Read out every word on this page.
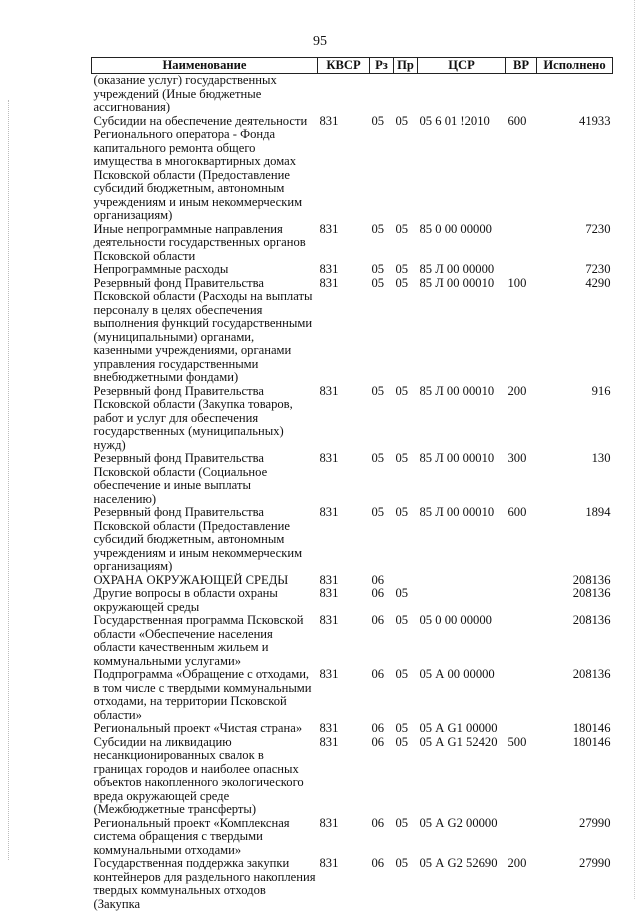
95
Наименование	КВСР	Рз	Пр	ЦСР	ВР	Исполнено
(оказание услуг) государственных учреждений (Иные бюджетные ассигнования)						
Субсидии на обеспечение деятельности Регионального оператора - Фонда капитального ремонта общего имущества в многоквартирных домах Псковской области (Предоставление субсидий бюджетным, автономным учреждениям и иным некоммерческим организациям)	831	05	05	05 6 01 !2010	600	41933
Иные непрограммные направления деятельности государственных органов Псковской области	831	05	05	85 0 00 00000		7230
Непрограммные расходы	831	05	05	85 Л 00 00000		7230
Резервный фонд Правительства Псковской области (Расходы на выплаты персоналу в целях обеспечения выполнения функций государственными (муниципальными) органами, казенными учреждениями, органами управления государственными внебюджетными фондами)	831	05	05	85 Л 00 00010	100	4290
Резервный фонд Правительства Псковской области (Закупка товаров, работ и услуг для обеспечения государственных (муниципальных) нужд)	831	05	05	85 Л 00 00010	200	916
Резервный фонд Правительства Псковской области (Социальное обеспечение и иные выплаты населению)	831	05	05	85 Л 00 00010	300	130
Резервный фонд Правительства Псковской области (Предоставление субсидий бюджетным, автономным учреждениям и иным некоммерческим организациям)	831	05	05	85 Л 00 00010	600	1894
ОХРАНА ОКРУЖАЮЩЕЙ СРЕДЫ	831	06				208136
Другие вопросы в области охраны окружающей среды	831	06	05			208136
Государственная программа Псковской области «Обеспечение населения области качественным жильем и коммунальными услугами»	831	06	05	05 0 00 00000		208136
Подпрограмма «Обращение с отходами, в том числе с твердыми коммунальными отходами, на территории Псковской области»	831	06	05	05 А 00 00000		208136
Региональный проект «Чистая страна»	831	06	05	05 А G1 00000		180146
Субсидии на ликвидацию несанкционированных свалок в границах городов и наиболее опасных объектов накопленного экологического вреда окружающей среде (Межбюджетные трансферты)	831	06	05	05 А G1 52420	500	180146
Региональный проект «Комплексная система обращения с твердыми коммунальными отходами»	831	06	05	05 А G2 00000		27990
Государственная поддержка закупки контейнеров для раздельного накопления твердых коммунальных отходов (Закупка	831	06	05	05 А G2 52690	200	27990
